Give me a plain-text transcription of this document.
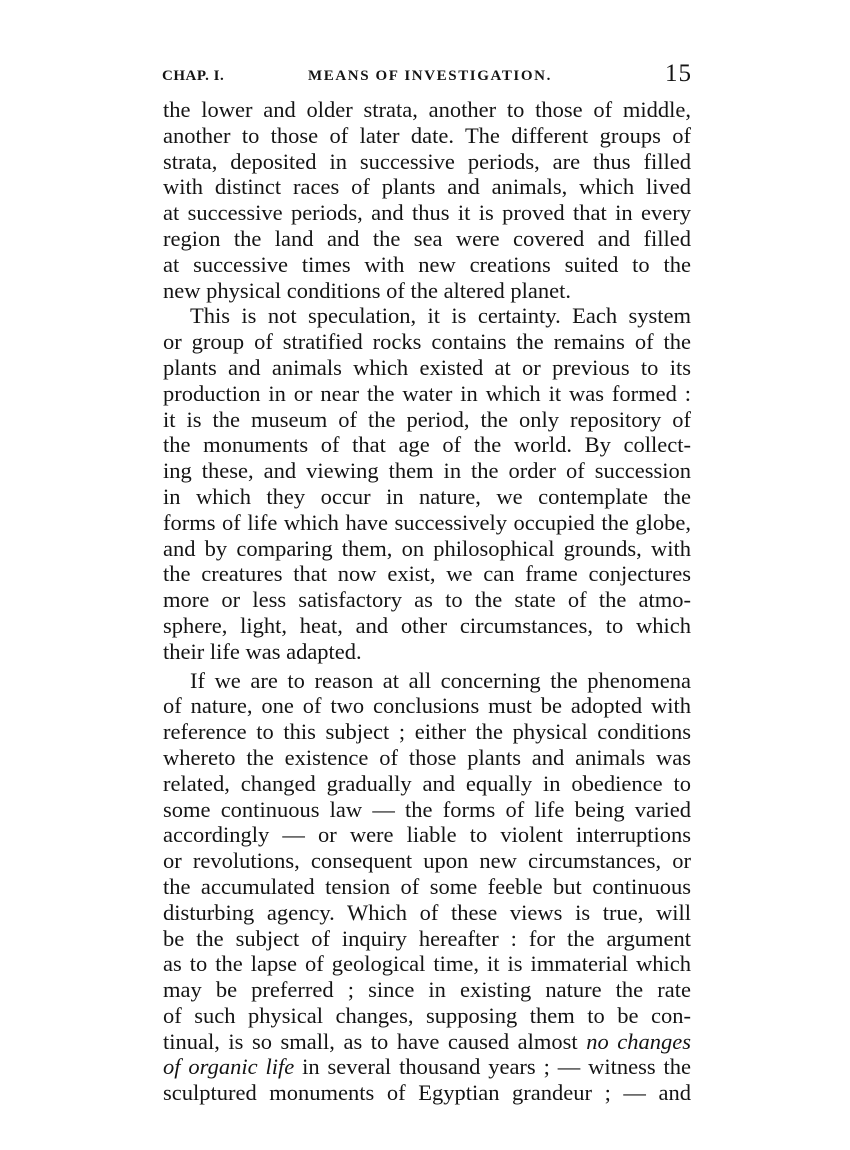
CHAP. I.	MEANS OF INVESTIGATION.	15
the lower and older strata, another to those of middle,
another to those of later date. The different groups of
strata, deposited in successive periods, are thus filled
with distinct races of plants and animals, which lived
at successive periods, and thus it is proved that in every
region the land and the sea were covered and filled
at successive times with new creations suited to the
new physical conditions of the altered planet.
This is not speculation, it is certainty. Each system
or group of stratified rocks contains the remains of the
plants and animals which existed at or previous to its
production in or near the water in which it was formed :
it is the museum of the period, the only repository of
the monuments of that age of the world. By collect-
ing these, and viewing them in the order of succession
in which they occur in nature, we contemplate the
forms of life which have successively occupied the globe,
and by comparing them, on philosophical grounds, with
the creatures that now exist, we can frame conjectures
more or less satisfactory as to the state of the atmo-
sphere, light, heat, and other circumstances, to which
their life was adapted.
If we are to reason at all concerning the phenomena
of nature, one of two conclusions must be adopted with
reference to this subject ; either the physical conditions
whereto the existence of those plants and animals was
related, changed gradually and equally in obedience to
some continuous law — the forms of life being varied
accordingly — or were liable to violent interruptions
or revolutions, consequent upon new circumstances, or
the accumulated tension of some feeble but continuous
disturbing agency. Which of these views is true, will
be the subject of inquiry hereafter : for the argument
as to the lapse of geological time, it is immaterial which
may be preferred ; since in existing nature the rate
of such physical changes, supposing them to be con-
tinual, is so small, as to have caused almost no changes
of organic life in several thousand years ; — witness the
sculptured monuments of Egyptian grandeur ; — and
